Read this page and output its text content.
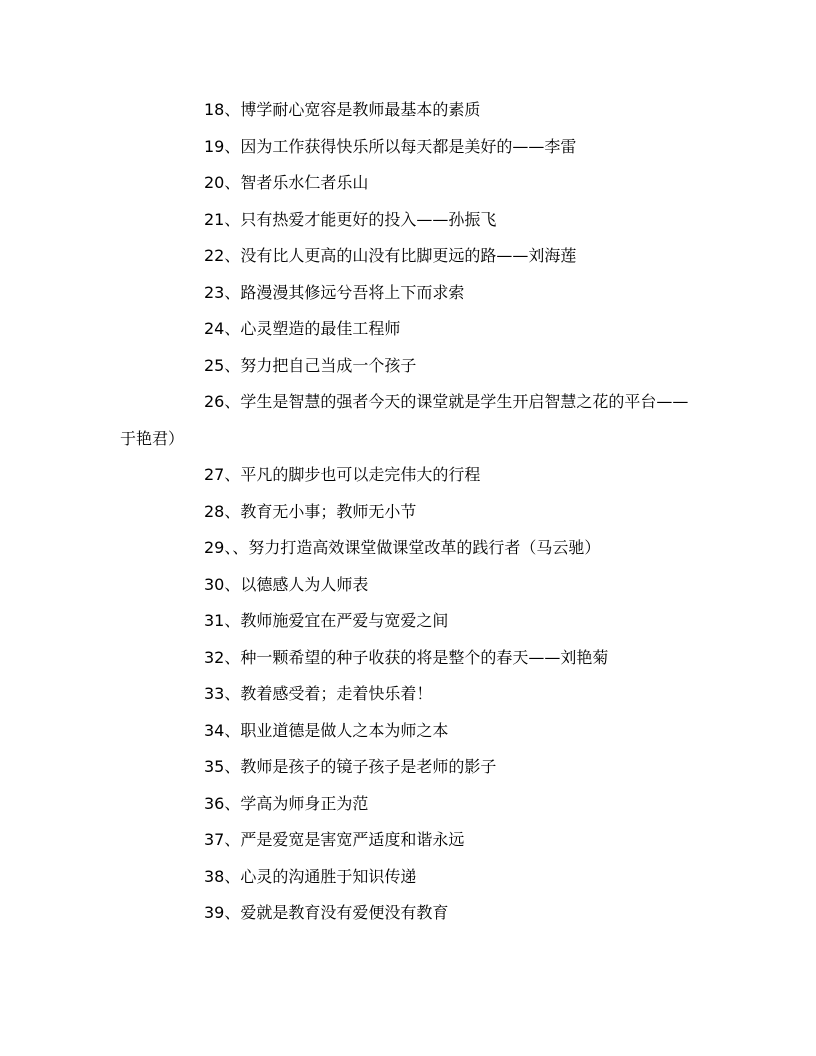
18、博学耐心宽容是教师最基本的素质

19、因为工作获得快乐所以每天都是美好的——李雷

20、智者乐水仁者乐山

21、只有热爱才能更好的投入——孙振飞

22、没有比人更高的山没有比脚更远的路——刘海莲

23、路漫漫其修远兮吾将上下而求索

24、心灵塑造的最佳工程师

25、努力把自己当成一个孩子

26、学生是智慧的强者今天的课堂就是学生开启智慧之花的平台——于艳君）

27、平凡的脚步也可以走完伟大的行程

28、教育无小事；教师无小节

29、、努力打造高效课堂做课堂改革的践行者（马云驰）

30、以德感人为人师表

31、教师施爱宜在严爱与宽爱之间

32、种一颗希望的种子收获的将是整个的春天——刘艳菊

33、教着感受着；走着快乐着！

34、职业道德是做人之本为师之本

35、教师是孩子的镜子孩子是老师的影子

36、学高为师身正为范

37、严是爱宽是害宽严适度和谐永远

38、心灵的沟通胜于知识传递

39、爱就是教育没有爱便没有教育
